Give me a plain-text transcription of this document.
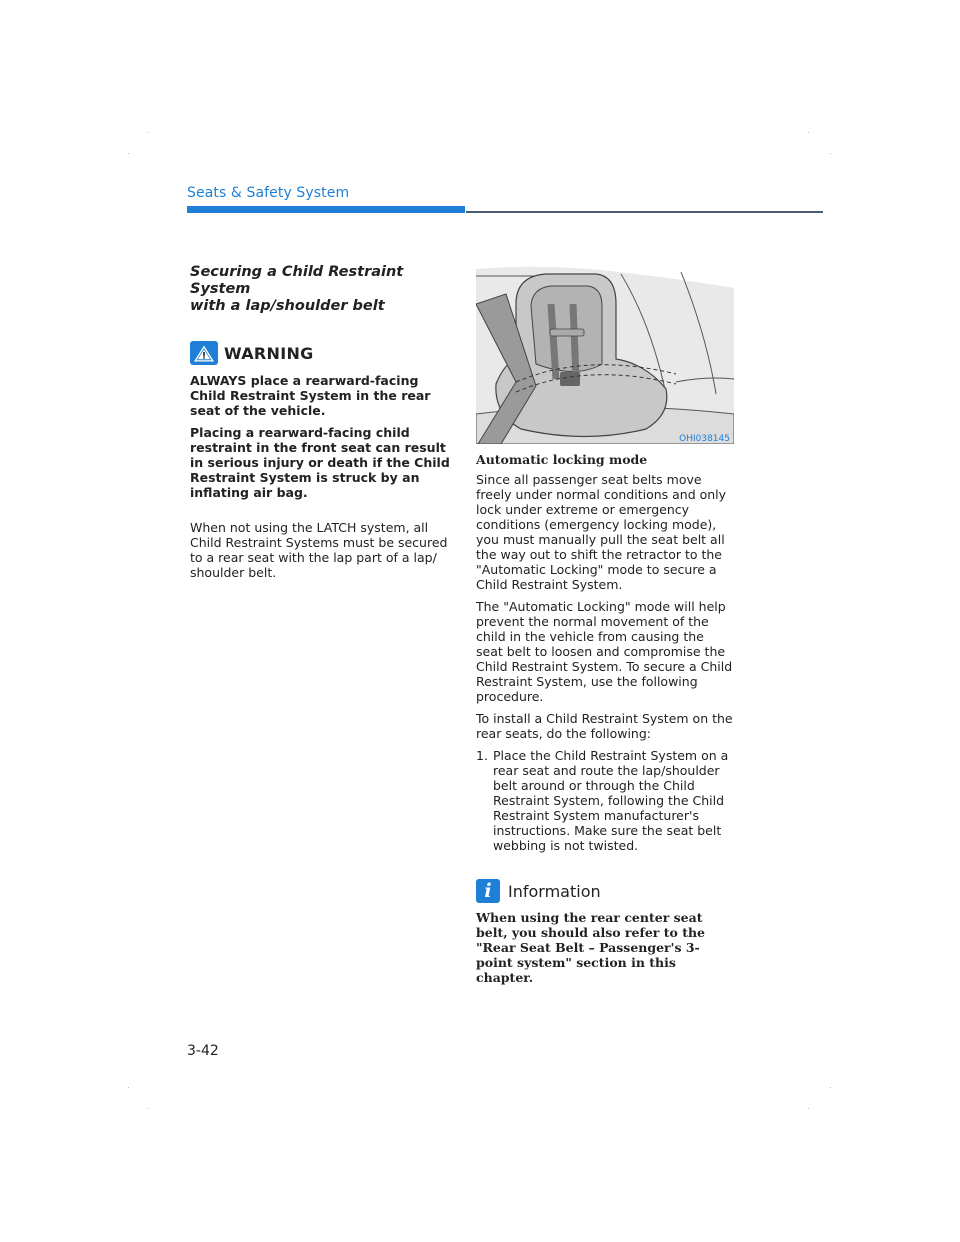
Seats & Safety System
Securing a Child Restraint System
with a lap/shoulder belt
WARNING

ALWAYS place a rearward-facing Child Restraint System in the rear seat of the vehicle.

Placing a rearward-facing child restraint in the front seat can result in serious injury or death if the Child Restraint System is struck by an inflating air bag.

When not using the LATCH system, all Child Restraint Systems must be secured to a rear seat with the lap part of a lap/ shoulder belt.

OHI038145
Automatic locking mode

Since all passenger seat belts move freely under normal conditions and only lock under extreme or emergency conditions (emergency locking mode), you must manually pull the seat belt all the way out to shift the retractor to the "Automatic Locking" mode to secure a Child Restraint System.

The "Automatic Locking" mode will help prevent the normal movement of the child in the vehicle from causing the seat belt to loosen and compromise the Child Restraint System. To secure a Child Restraint System, use the following procedure.

To install a Child Restraint System on the rear seats, do the following:

1. Place the Child Restraint System on a rear seat and route the lap/shoulder belt around or through the Child Restraint System, following the Child Restraint System manufacturer's instructions. Make sure the seat belt webbing is not twisted.
i	Information

When using the rear center seat belt, you should also refer to the "Rear Seat Belt – Passenger's 3-point system" section in this chapter.

3-42
